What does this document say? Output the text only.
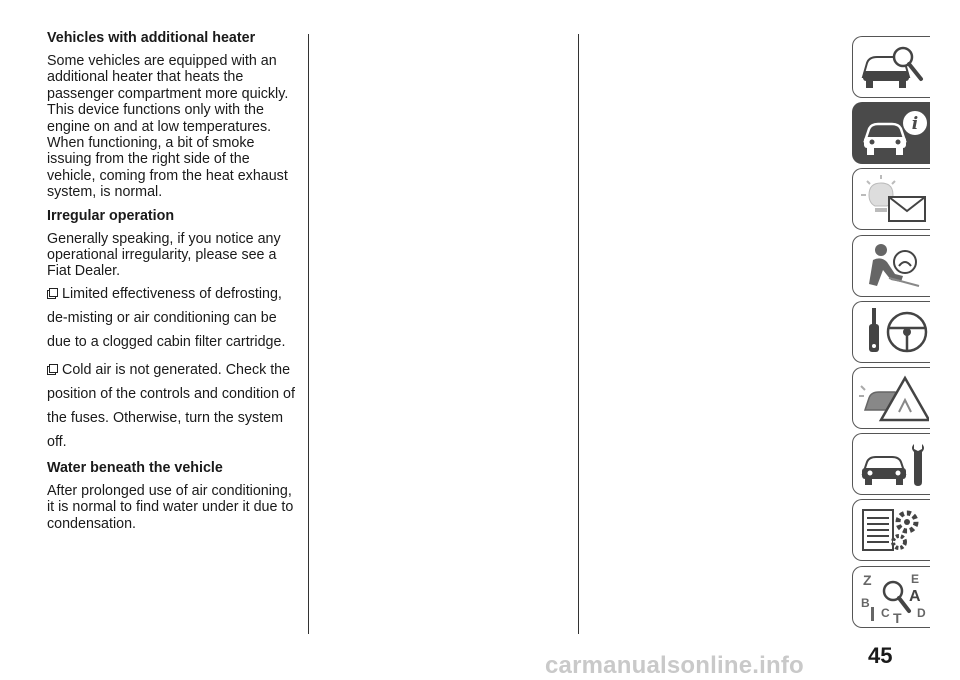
Vehicles with additional heater

Some vehicles are equipped with an additional heater that heats the passenger compartment more quickly. This device functions only with the engine on and at low temperatures. When functioning, a bit of smoke issuing from the right side of the vehicle, coming from the heat exhaust system, is normal.

Irregular operation

Generally speaking, if you notice any operational irregularity, please see a Fiat Dealer.

Limited effectiveness of defrosting, de-misting or air conditioning can be due to a clogged cabin filter cartridge.
Cold air is not generated. Check the position of the controls and condition of the fuses. Otherwise, turn the system off.
Water beneath the vehicle

After prolonged use of air conditioning, it is normal to find water under it due to condensation.

i
Z	E
A
B
C D
T
45
carmanualsonline.info
